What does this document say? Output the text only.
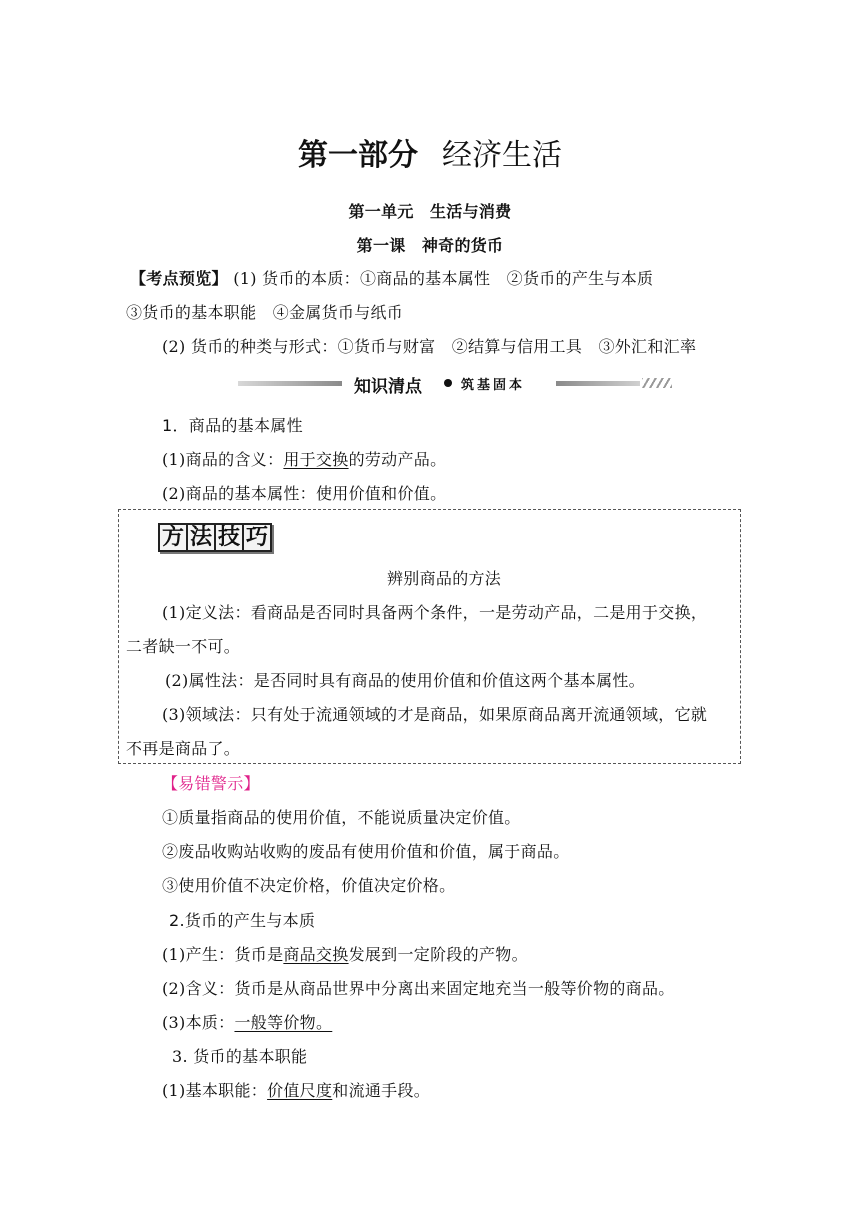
第一部分 经济生活
第一单元　生活与消费
第一课　神奇的货币
【考点预览】 (1) 货币的本质：①商品的基本属性　②货币的产生与本质
③货币的基本职能　④金属货币与纸币
(2) 货币的种类与形式：①货币与财富　②结算与信用工具　③外汇和汇率
知识清点	筑基固本
1．商品的基本属性
(1)商品的含义：用于交换的劳动产品。
(2)商品的基本属性：使用价值和价值。
方 法 技 巧
辨别商品的方法
(1)定义法：看商品是否同时具备两个条件，一是劳动产品，二是用于交换，
二者缺一不可。
(2)属性法：是否同时具有商品的使用价值和价值这两个基本属性。
(3)领域法：只有处于流通领域的才是商品，如果原商品离开流通领域，它就
不再是商品了。
【易错警示】
①质量指商品的使用价值，不能说质量决定价值。
②废品收购站收购的废品有使用价值和价值，属于商品。
③使用价值不决定价格，价值决定价格。
2.货币的产生与本质
(1)产生：货币是商品交换发展到一定阶段的产物。
(2)含义：货币是从商品世界中分离出来固定地充当一般等价物的商品。
(3)本质：一般等价物。
3. 货币的基本职能
(1)基本职能：价值尺度和流通手段。
